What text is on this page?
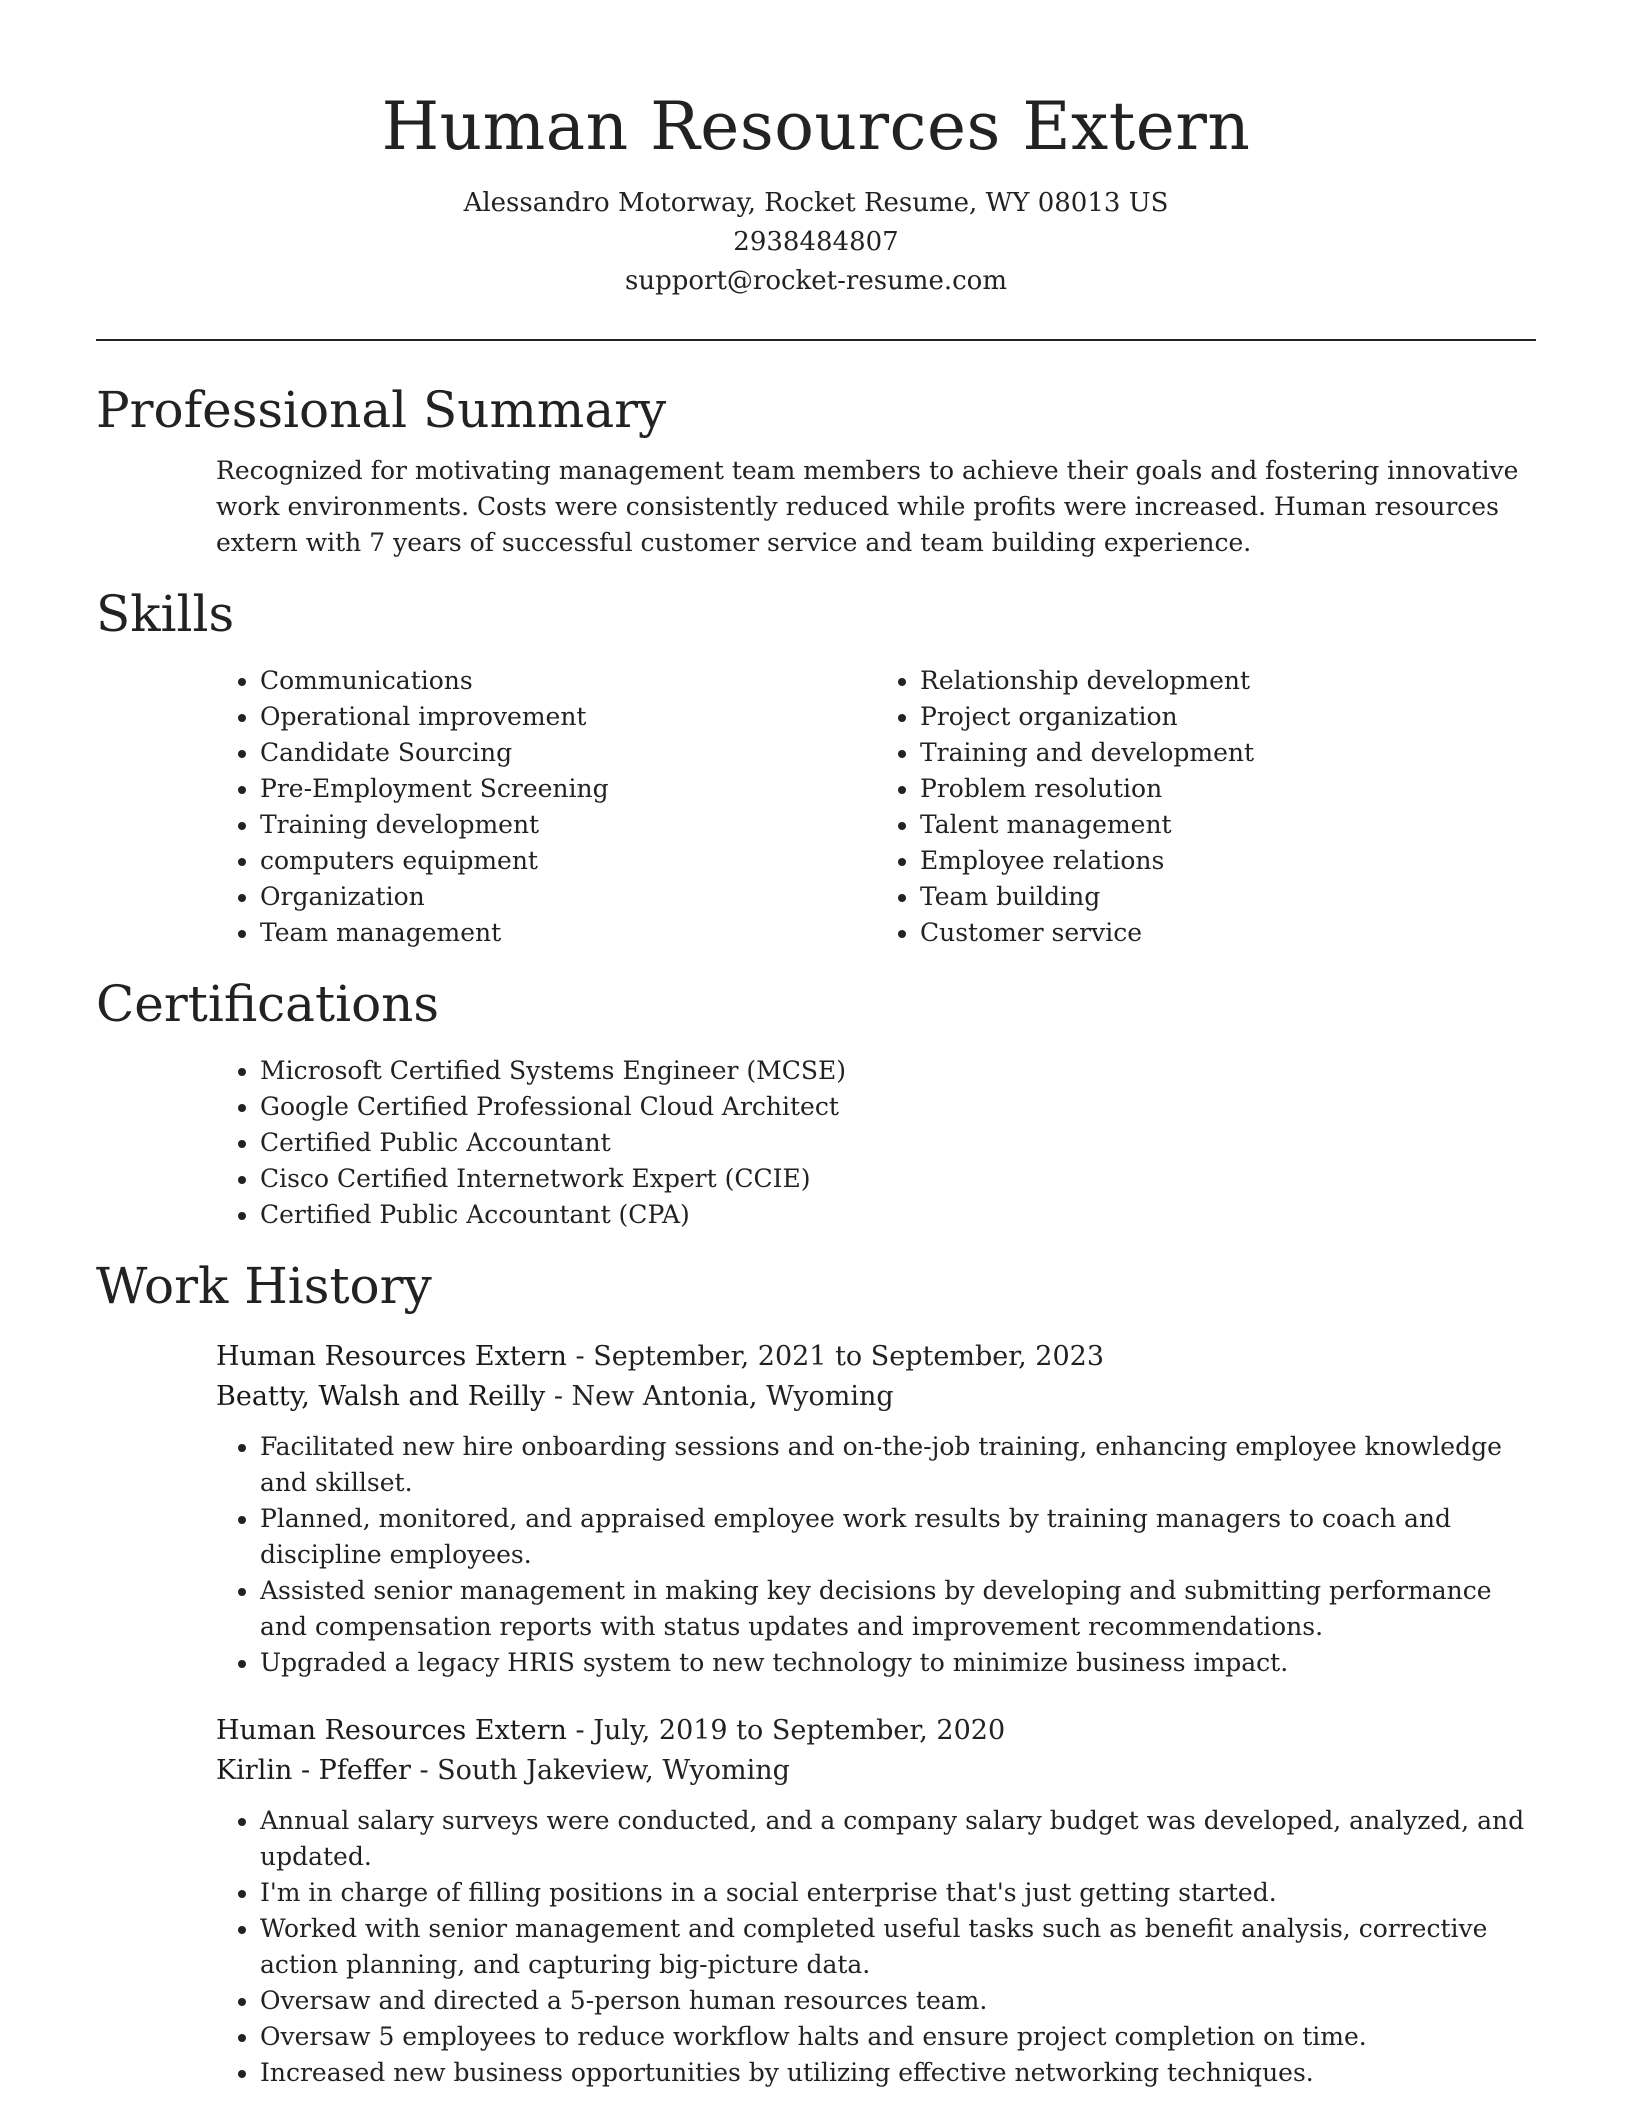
Human Resources Extern
Alessandro Motorway, Rocket Resume, WY 08013 US
2938484807
support@rocket-resume.com
Professional Summary

Recognized for motivating management team members to achieve their goals and fostering innovative work environments. Costs were consistently reduced while profits were increased. Human resources extern with 7 years of successful customer service and team building experience.

Skills
• Communications
• Operational improvement
• Candidate Sourcing
• Pre-Employment Screening
• Training development
• computers equipment
• Organization
• Team management
• Relationship development
• Project organization
• Training and development
• Problem resolution
• Talent management
• Employee relations
• Team building
• Customer service
Certifications
• Microsoft Certified Systems Engineer (MCSE)
• Google Certified Professional Cloud Architect
• Certified Public Accountant
• Cisco Certified Internetwork Expert (CCIE)
• Certified Public Accountant (CPA)
Work History
Human Resources Extern - September, 2021 to September, 2023
Beatty, Walsh and Reilly - New Antonia, Wyoming
• Facilitated new hire onboarding sessions and on-the-job training, enhancing employee knowledge and skillset.
• Planned, monitored, and appraised employee work results by training managers to coach and discipline employees.
• Assisted senior management in making key decisions by developing and submitting performance and compensation reports with status updates and improvement recommendations.
• Upgraded a legacy HRIS system to new technology to minimize business impact.
Human Resources Extern - July, 2019 to September, 2020
Kirlin - Pfeffer - South Jakeview, Wyoming
• Annual salary surveys were conducted, and a company salary budget was developed, analyzed, and updated.
• I'm in charge of filling positions in a social enterprise that's just getting started.
• Worked with senior management and completed useful tasks such as benefit analysis, corrective action planning, and capturing big-picture data.
• Oversaw and directed a 5-person human resources team.
• Oversaw 5 employees to reduce workflow halts and ensure project completion on time.
• Increased new business opportunities by utilizing effective networking techniques.
